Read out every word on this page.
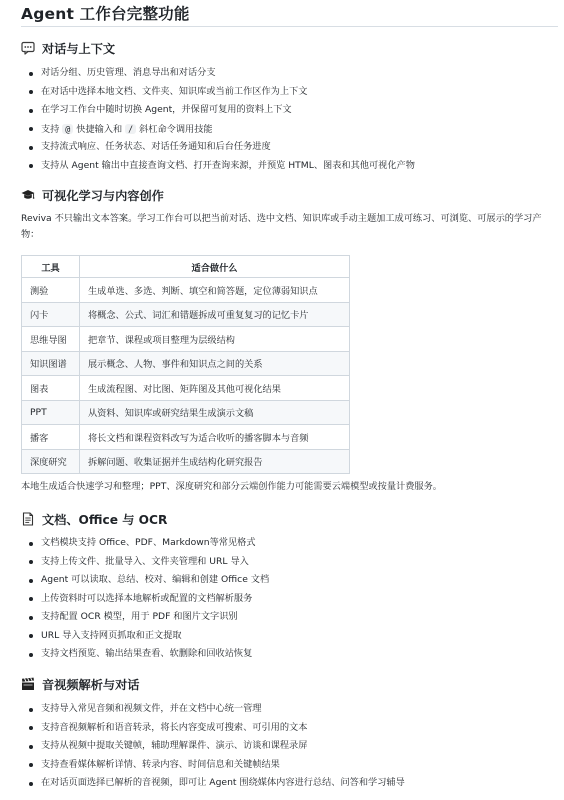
Agent 工作台完整功能
对话与上下文
对话分组、历史管理、消息导出和对话分支
在对话中选择本地文档、文件夹、知识库或当前工作区作为上下文
在学习工作台中随时切换 Agent，并保留可复用的资料上下文
支持 @ 快捷输入和 / 斜杠命令调用技能
支持流式响应、任务状态、对话任务通知和后台任务进度
支持从 Agent 输出中直接查询文档、打开查询来源，并预览 HTML、图表和其他可视化产物
可视化学习与内容创作
Reviva 不只输出文本答案。学习工作台可以把当前对话、选中文档、知识库或手动主题加工成可练习、可浏览、可展示的学习产物：
工具	适合做什么
测验	生成单选、多选、判断、填空和简答题，定位薄弱知识点
闪卡	将概念、公式、词汇和错题拆成可重复复习的记忆卡片
思维导图	把章节、课程或项目整理为层级结构
知识图谱	展示概念、人物、事件和知识点之间的关系
图表	生成流程图、对比图、矩阵图及其他可视化结果
PPT	从资料、知识库或研究结果生成演示文稿
播客	将长文档和课程资料改写为适合收听的播客脚本与音频
深度研究	拆解问题、收集证据并生成结构化研究报告
本地生成适合快速学习和整理；PPT、深度研究和部分云端创作能力可能需要云端模型或按量计费服务。
文档、Office 与 OCR
文档模块支持 Office、PDF、Markdown等常见格式
支持上传文件、批量导入、文件夹管理和 URL 导入
Agent 可以读取、总结、校对、编辑和创建 Office 文档
上传资料时可以选择本地解析或配置的文档解析服务
支持配置 OCR 模型，用于 PDF 和图片文字识别
URL 导入支持网页抓取和正文提取
支持文档预览、输出结果查看、软删除和回收站恢复
音视频解析与对话
支持导入常见音频和视频文件，并在文档中心统一管理
支持音视频解析和语音转录，将长内容变成可搜索、可引用的文本
支持从视频中提取关键帧，辅助理解课件、演示、访谈和课程录屏
支持查看媒体解析详情、转录内容、时间信息和关键帧结果
在对话页面选择已解析的音视频，即可让 Agent 围绕媒体内容进行总结、问答和学习辅导
